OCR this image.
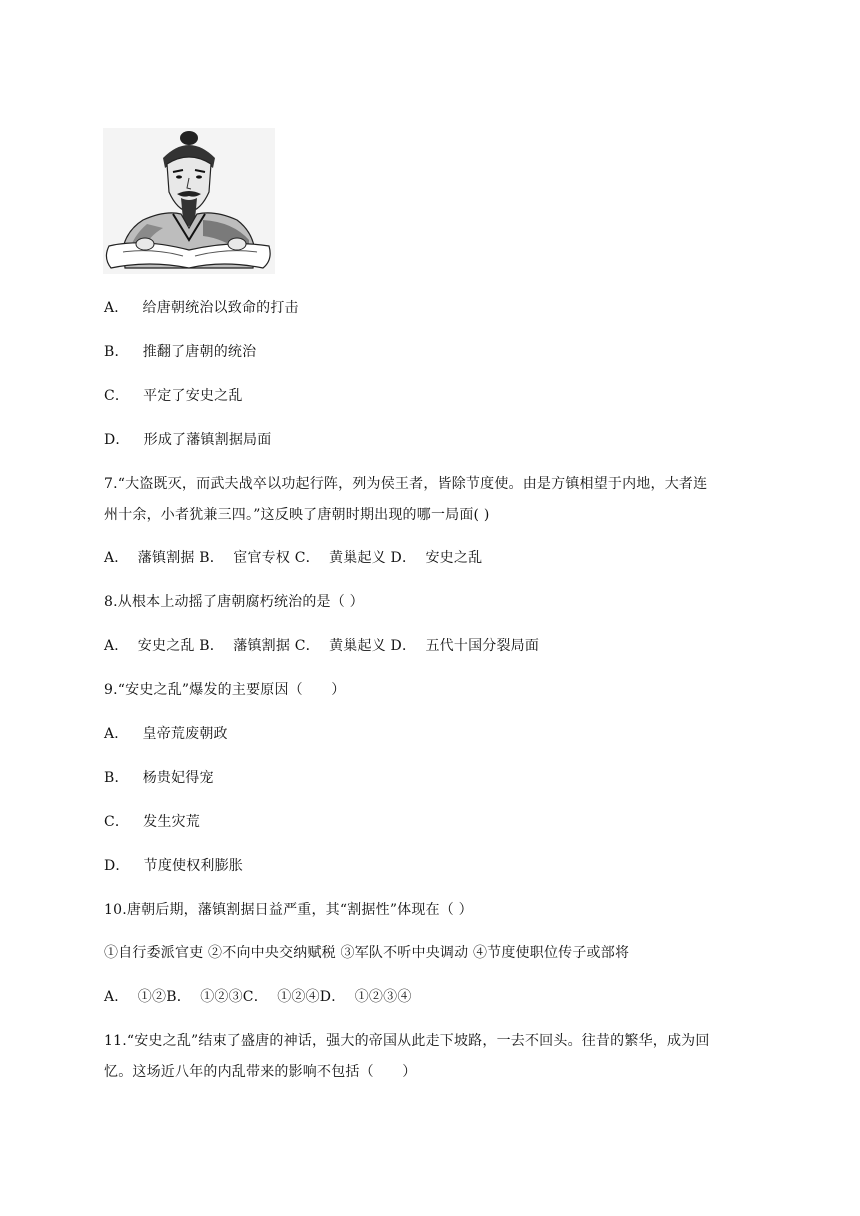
A． 给唐朝统治以致命的打击
B． 推翻了唐朝的统治
C． 平定了安史之乱
D． 形成了藩镇割据局面
7.“大盗既灭，而武夫战卒以功起行阵，列为侯王者，皆除节度使。由是方镇相望于内地，大者连
州十余，小者犹兼三四。”这反映了唐朝时期出现的哪一局面( )
A．  藩镇割据 B．  宦官专权 C．  黄巢起义 D．  安史之乱
8.从根本上动摇了唐朝腐朽统治的是（ ）
A．  安史之乱 B．  藩镇割据 C．  黄巢起义 D．  五代十国分裂局面
9.“安史之乱”爆发的主要原因（　　）
A． 皇帝荒废朝政
B． 杨贵妃得宠
C． 发生灾荒
D． 节度使权利膨胀
10.唐朝后期，藩镇割据日益严重，其“割据性”体现在（ ）
①自行委派官吏 ②不向中央交纳赋税 ③军队不听中央调动 ④节度使职位传子或部将
A．  ①②B．  ①②③C．  ①②④D．  ①②③④
11.“安史之乱”结束了盛唐的神话，强大的帝国从此走下坡路，一去不回头。往昔的繁华，成为回
忆。这场近八年的内乱带来的影响不包括（　　）
